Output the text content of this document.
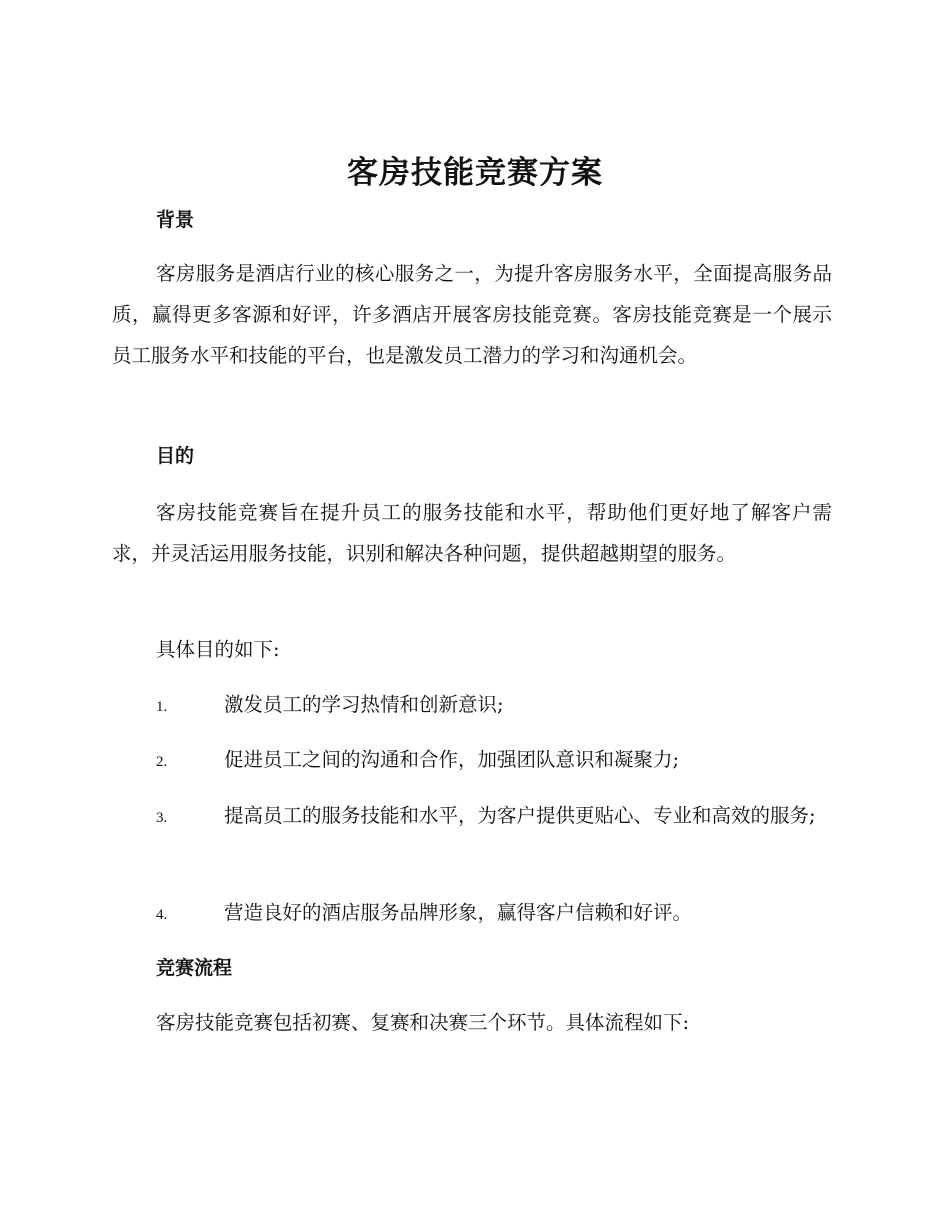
客房技能竞赛方案
背景
客房服务是酒店行业的核心服务之一，为提升客房服务水平，全面提高服务品质，赢得更多客源和好评，许多酒店开展客房技能竞赛。客房技能竞赛是一个展示员工服务水平和技能的平台，也是激发员工潜力的学习和沟通机会。
目的
客房技能竞赛旨在提升员工的服务技能和水平，帮助他们更好地了解客户需求，并灵活运用服务技能，识别和解决各种问题，提供超越期望的服务。
具体目的如下:
1.	激发员工的学习热情和创新意识;
2.	促进员工之间的沟通和合作，加强团队意识和凝聚力;
3.	提高员工的服务技能和水平，为客户提供更贴心、专业和高效的服务;
4.	营造良好的酒店服务品牌形象，赢得客户信赖和好评。
竞赛流程
客房技能竞赛包括初赛、复赛和决赛三个环节。具体流程如下:
